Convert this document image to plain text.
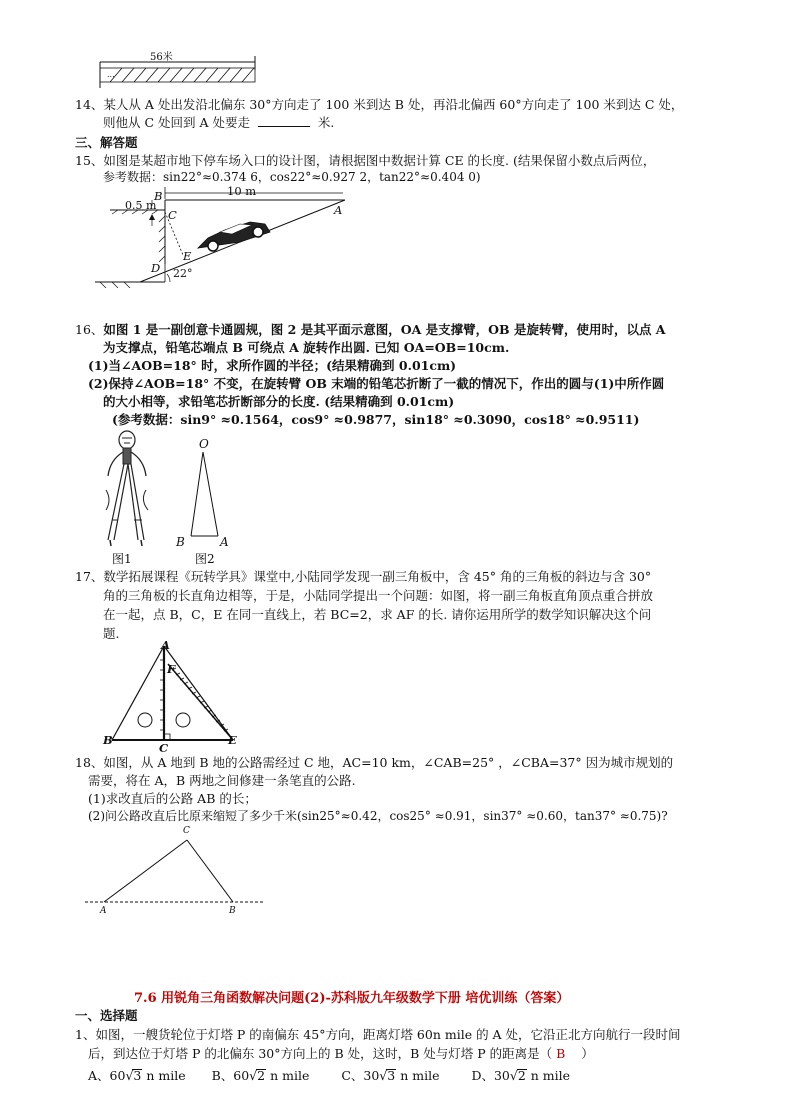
56米
...
14、某人从 A 处出发沿北偏东 30°方向走了 100 米到达 B 处，再沿北偏西 60°方向走了 100 米到达 C 处，
则他从 C 处回到 A 处要走	米.
三、解答题
15、如图是某超市地下停车场入口的设计图，请根据图中数据计算 CE 的长度. (结果保留小数点后两位，
参考数据：sin22°≈0.374 6，cos22°≈0.927 2，tan22°≈0.404 0)
10 m
0.5 m
B
C	A
E
D 22°
16、如图 1 是一副创意卡通圆规，图 2 是其平面示意图，OA 是支撑臂，OB 是旋转臂，使用时，以点 A
为支撑点，铅笔芯端点 B 可绕点 A 旋转作出圆. 已知 OA=OB=10cm.
(1)当∠AOB=18° 时，求所作圆的半径；(结果精确到 0.01cm)
(2)保持∠AOB=18° 不变，在旋转臂 OB 末端的铅笔芯折断了一截的情况下，作出的圆与(1)中所作圆
的大小相等，求铅笔芯折断部分的长度. (结果精确到 0.01cm)
(参考数据：sin9° ≈0.1564，cos9° ≈0.9877，sin18° ≈0.3090，cos18° ≈0.9511)
O
B	A
图1	图2
17、数学拓展课程《玩转学具》课堂中,小陆同学发现一副三角板中，含 45° 角的三角板的斜边与含 30°
角的三角板的长直角边相等，于是，小陆同学提出一个问题：如图，将一副三角板直角顶点重合拼放
在一起，点 B，C，E 在同一直线上，若 BC=2，求 AF 的长. 请你运用所学的数学知识解决这个问
题.
A
F
B
C
E
18、如图，从 A 地到 B 地的公路需经过 C 地，AC=10 km，∠CAB=25° ，∠CBA=37° 因为城市规划的
需要，将在 A，B 两地之间修建一条笔直的公路.
(1)求改直后的公路 AB 的长；
(2)问公路改直后比原来缩短了多少千米(sin25°≈0.42，cos25° ≈0.91，sin37° ≈0.60，tan37° ≈0.75)?
C
A	B
7.6 用锐角三角函数解决问题(2)-苏科版九年级数学下册 培优训练（答案）
一、选择题
1、如图，一艘货轮位于灯塔 P 的南偏东 45°方向，距离灯塔 60n mile 的 A 处，它沿正北方向航行一段时间
后，到达位于灯塔 P 的北偏东 30°方向上的 B 处，这时，B 处与灯塔 P 的距离是（ B ）
A、60√3 n mile B、60√2 n mile	C、30√3 n mile	D、30√2 n mile
